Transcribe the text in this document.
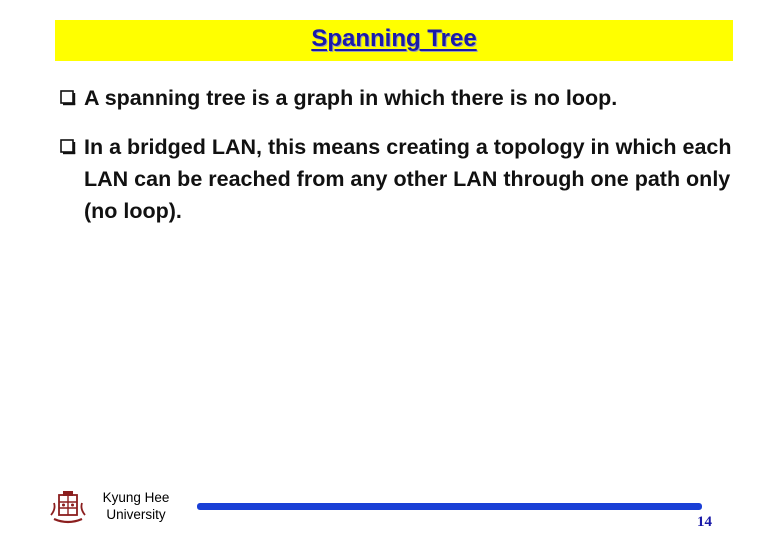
Spanning Tree
A spanning tree is a graph in which there is no loop.
In a bridged LAN, this means creating a topology in which each LAN can be reached from any other LAN through one path only (no loop).
Kyung Hee
University	14
